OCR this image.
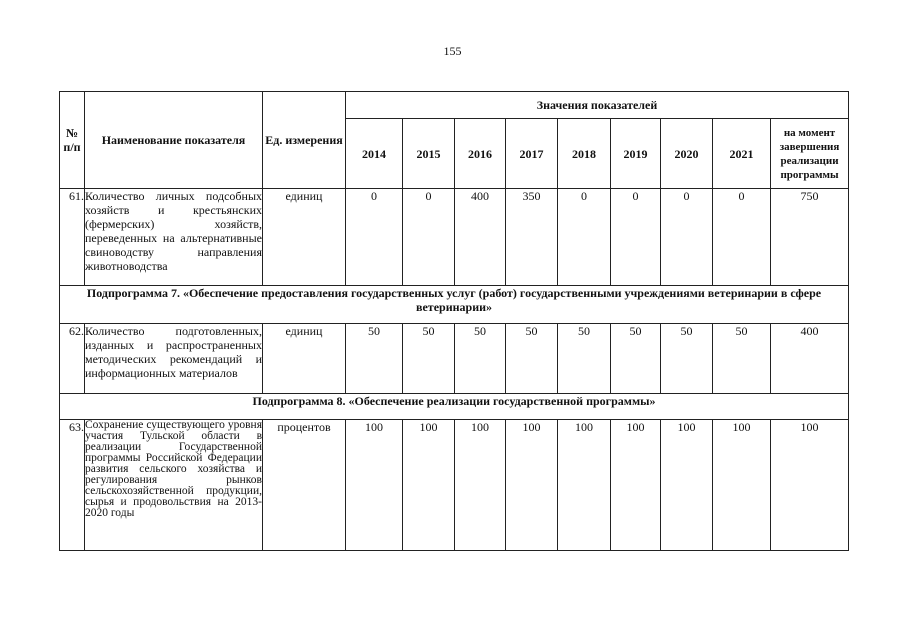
155
№ п/п	Наименование показателя	Ед. измерения	Значения показателей								
			2014	2015	2016	2017	2018	2019	2020	2021	на момент завершения реализации программы
61.	Количество личных подсобных хозяйств и крестьянских (фермерских) хозяйств, переведенных на альтернативные свиноводству направления животноводства	единиц	0	0	400	350	0	0	0	0	750
Подпрограмма 7. «Обеспечение предоставления государственных услуг (работ) государственными учреждениями ветеринарии в сфере ветеринарии»											
62.	Количество подготовленных, изданных и распространенных методических рекомендаций и информационных материалов	единиц	50	50	50	50	50	50	50	50	400
Подпрограмма 8. «Обеспечение реализации государственной программы»											
63.	Сохранение существующего уровня участия Тульской области в реализации Государственной программы Российской Федерации развития сельского хозяйства и регулирования рынков сельскохозяйственной продукции, сырья и продовольствия на 2013-2020 годы	процентов	100	100	100	100	100	100	100	100	100
